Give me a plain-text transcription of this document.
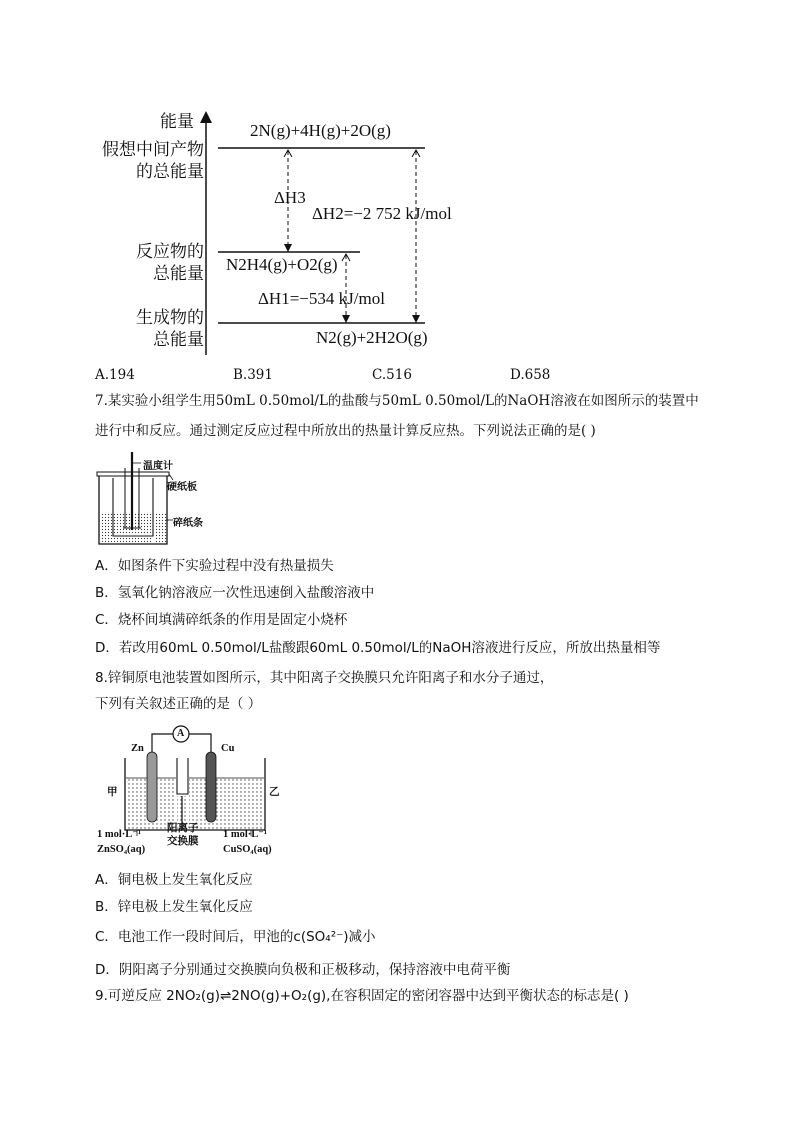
能量
假想中间产物的总能量
反应物的总能量
生成物的总能量
2N(g)+4H(g)+2O(g)
N2H4(g)+O2(g)
N2(g)+2H2O(g)
ΔH3
ΔH2=−2 752 kJ/mol
ΔH1=−534 kJ/mol
A.194	B.391	C.516	D.658
7.某实验小组学生用50mL 0.50mol/L的盐酸与50mL 0.50mol/L的NaOH溶液在如图所示的装置中
进行中和反应。通过测定反应过程中所放出的热量计算反应热。下列说法正确的是( )
温度计
硬纸板
碎纸条
A．如图条件下实验过程中没有热量损失
B．氢氧化钠溶液应一次性迅速倒入盐酸溶液中
C．烧杯间填满碎纸条的作用是固定小烧杯
D．若改用60mL 0.50mol/L盐酸跟60mL 0.50mol/L的NaOH溶液进行反应，所放出热量相等
8.锌铜原电池装置如图所示，其中阳离子交换膜只允许阳离子和水分子通过，
下列有关叙述正确的是（ ）
A
Zn	Cu
甲	乙
阳离子
交换膜
1 mol·L⁻¹
ZnSO₄(aq)
1 mol·L⁻¹
CuSO₄(aq)
A．铜电极上发生氧化反应
B．锌电极上发生氧化反应
C．电池工作一段时间后，甲池的c(SO₄²⁻)减小
D．阴阳离子分别通过交换膜向负极和正极移动，保持溶液中电荷平衡
9.可逆反应 2NO₂(g)⇌2NO(g)+O₂(g),在容积固定的密闭容器中达到平衡状态的标志是( )
